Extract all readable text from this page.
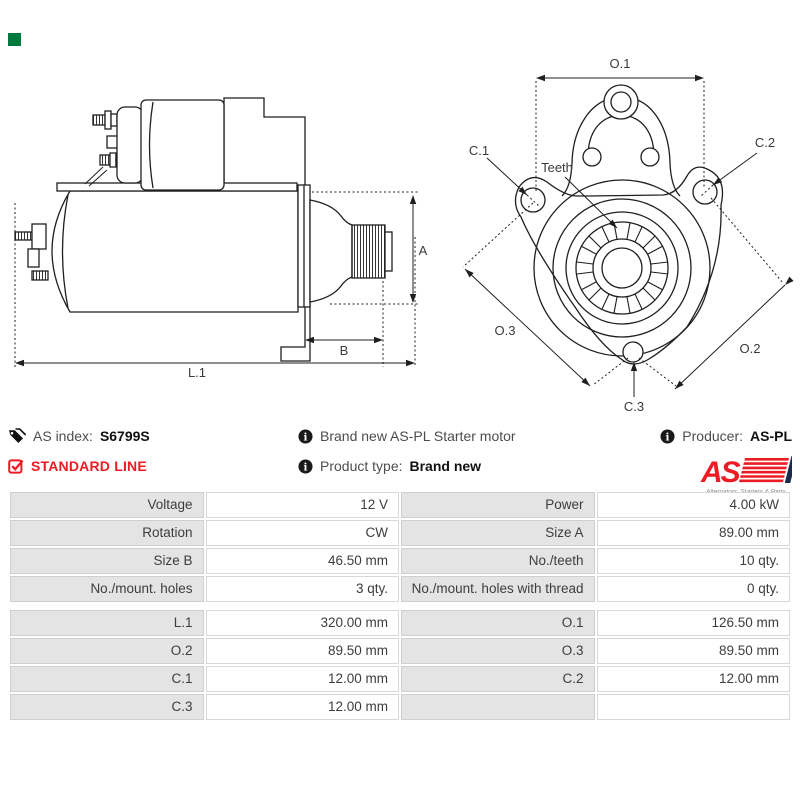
A
B
L.1
O.1
C.1
C.2
Teeth
O.3
O.2
C.3
AS index: S6799S
STANDARD LINE
i Brand new AS-PL Starter motor
i Product type: Brand new
i Producer: AS-PL
AS
Voltage	12 V	Power	4.00 kW
Rotation	CW	Size A	89.00 mm
Size B	46.50 mm	No./teeth	10 qty.
No./mount. holes	3 qty.	No./mount. holes with thread	0 qty.
L.1	320.00 mm	O.1	126.50 mm
O.2	89.50 mm	O.3	89.50 mm
C.1	12.00 mm	C.2	12.00 mm
C.3	12.00 mm
